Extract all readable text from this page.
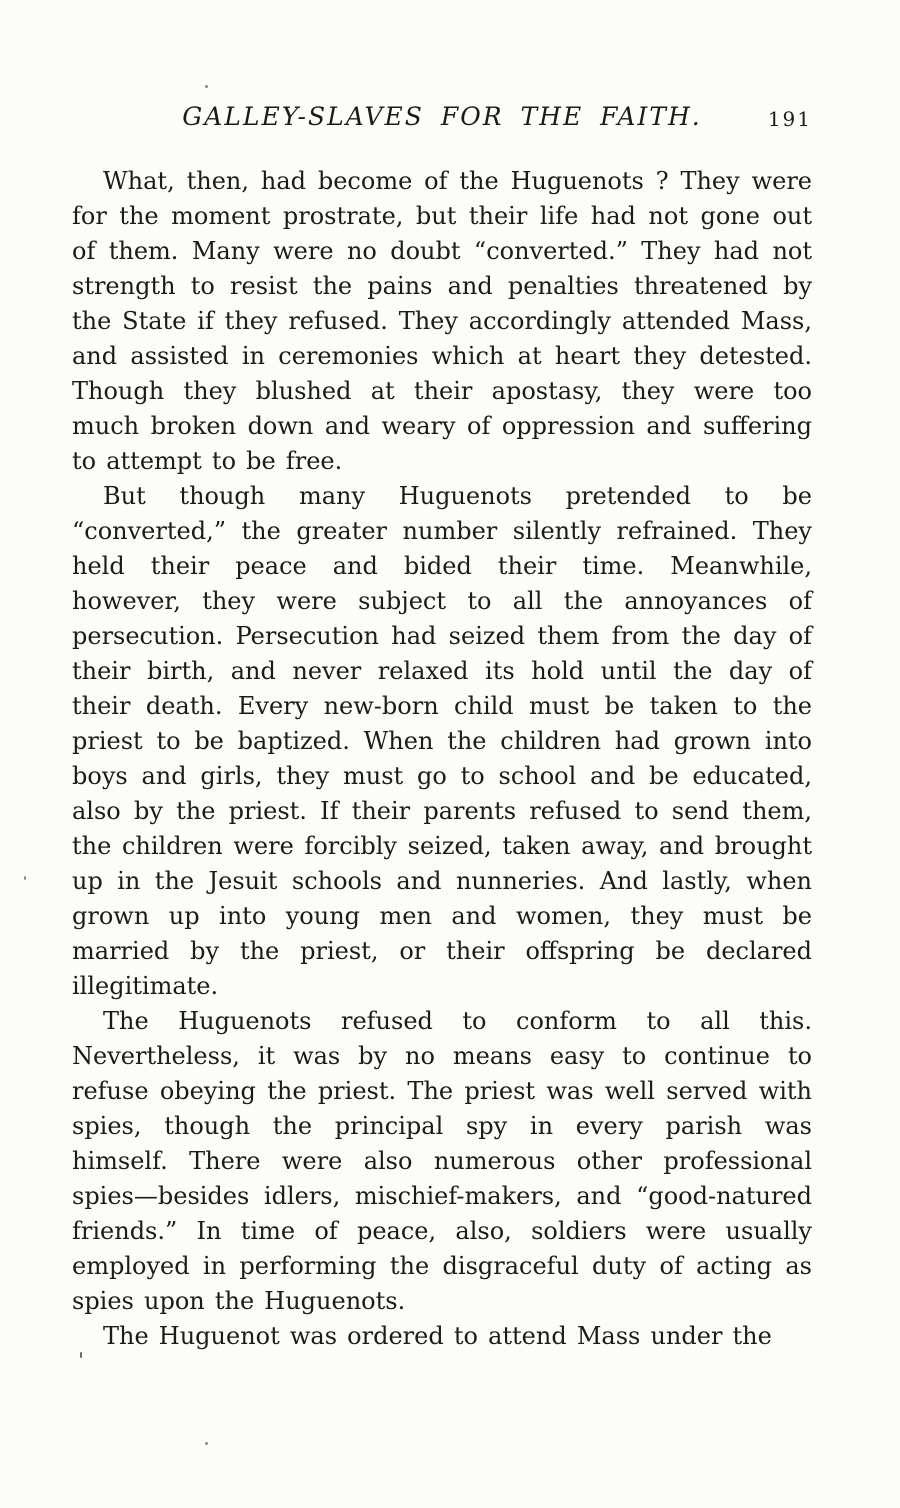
GALLEY-SLAVES FOR THE FAITH.	191

What, then, had become of the Huguenots ? They were for the moment prostrate, but their life had not gone out of them. Many were no doubt “converted.” They had not strength to resist the pains and penalties threatened by the State if they refused. They accordingly attended Mass, and assisted in ceremonies which at heart they detested. Though they blushed at their apostasy, they were too much broken down and weary of oppression and suffering to attempt to be free.

But though many Huguenots pretended to be “converted,” the greater number silently refrained. They held their peace and bided their time. Meanwhile, however, they were subject to all the annoyances of persecution. Persecution had seized them from the day of their birth, and never relaxed its hold until the day of their death. Every new-born child must be taken to the priest to be baptized. When the children had grown into boys and girls, they must go to school and be educated, also by the priest. If their parents refused to send them, the children were forcibly seized, taken away, and brought up in the Jesuit schools and nunneries. And lastly, when grown up into young men and women, they must be married by the priest, or their offspring be declared illegitimate.

The Huguenots refused to conform to all this. Nevertheless, it was by no means easy to continue to refuse obeying the priest. The priest was well served with spies, though the principal spy in every parish was himself. There were also numerous other professional spies—besides idlers, mischief-makers, and “good-natured friends.” In time of peace, also, soldiers were usually employed in performing the disgraceful duty of acting as spies upon the Huguenots.

The Huguenot was ordered to attend Mass under the
